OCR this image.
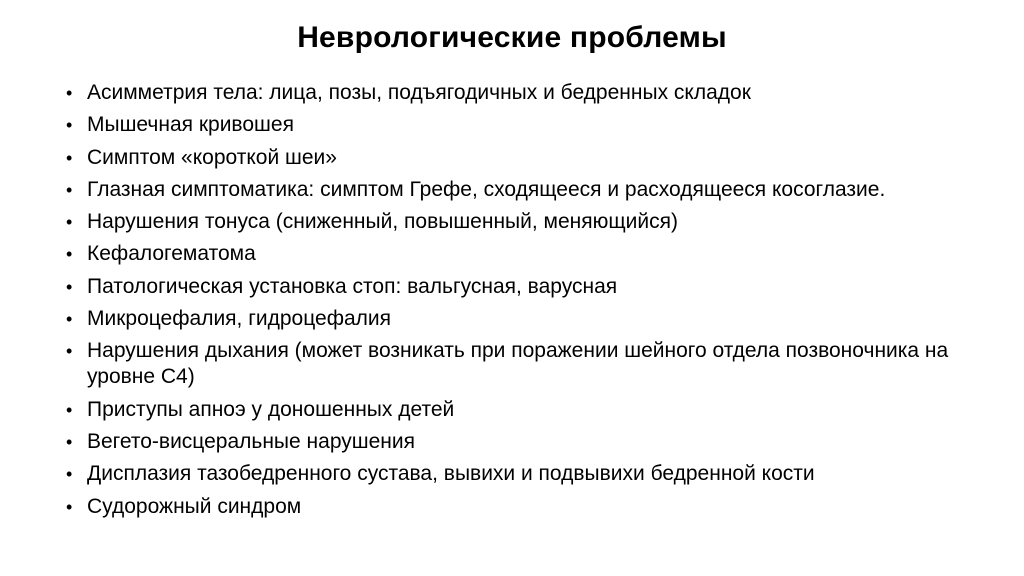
Неврологические проблемы
• Асимметрия тела: лица, позы, подъягодичных и бедренных складок
• Мышечная кривошея
• Симптом «короткой шеи»
• Глазная симптоматика: симптом Грефе, сходящееся и расходящееся косоглазие.
• Нарушения тонуса (сниженный, повышенный, меняющийся)
• Кефалогематома
• Патологическая установка стоп: вальгусная, варусная
• Микроцефалия, гидроцефалия
• Нарушения дыхания (может возникать при поражении шейного отдела позвоночника на уровне С4)
• Приступы апноэ у доношенных детей
• Вегето-висцеральные нарушения
• Дисплазия тазобедренного сустава, вывихи и подвывихи бедренной кости
• Судорожный синдром
